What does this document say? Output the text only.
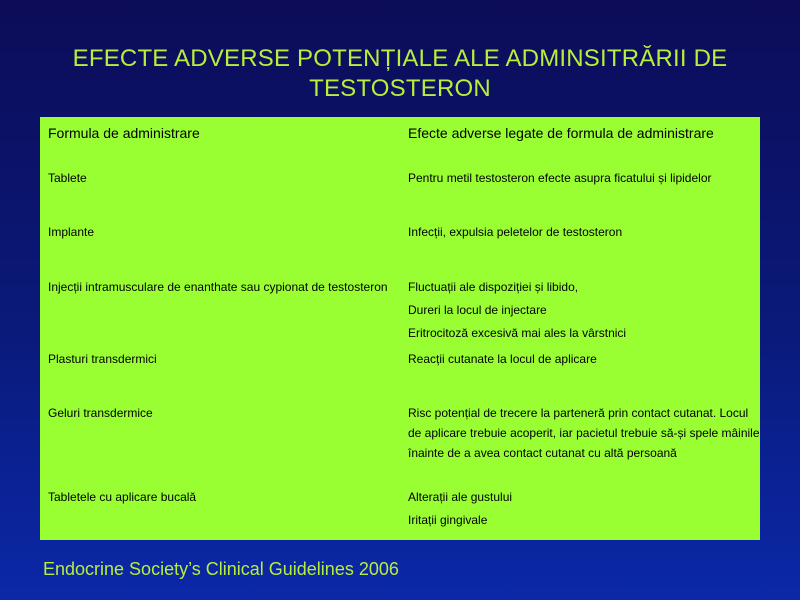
EFECTE ADVERSE POTENȚIALE ALE ADMINSITRĂRII DE
TESTOSTERON
Formula de administrare	Efecte adverse legate de formula de administrare
Tablete	Pentru metil testosteron efecte asupra ficatului și lipidelor

Implante	Infecții, expulsia peletelor de testosteron

Injecții intramusculare de enanthate sau cypionat de testosteron	Fluctuații ale dispoziției și libido,
Dureri la locul de injectare
Eritrocitoză excesivă mai ales la vârstnici

Plasturi transdermici	Reacții cutanate la locul de aplicare

Geluri transdermice	Risc potențial de trecere la parteneră prin contact cutanat. Locul de aplicare trebuie acoperit, iar pacietul trebuie să-și spele mâinile înainte de a avea contact cutanat cu altă persoană

Tabletele cu aplicare bucală	Alterații ale gustului
Iritații gingivale
Endocrine Society’s Clinical Guidelines 2006
